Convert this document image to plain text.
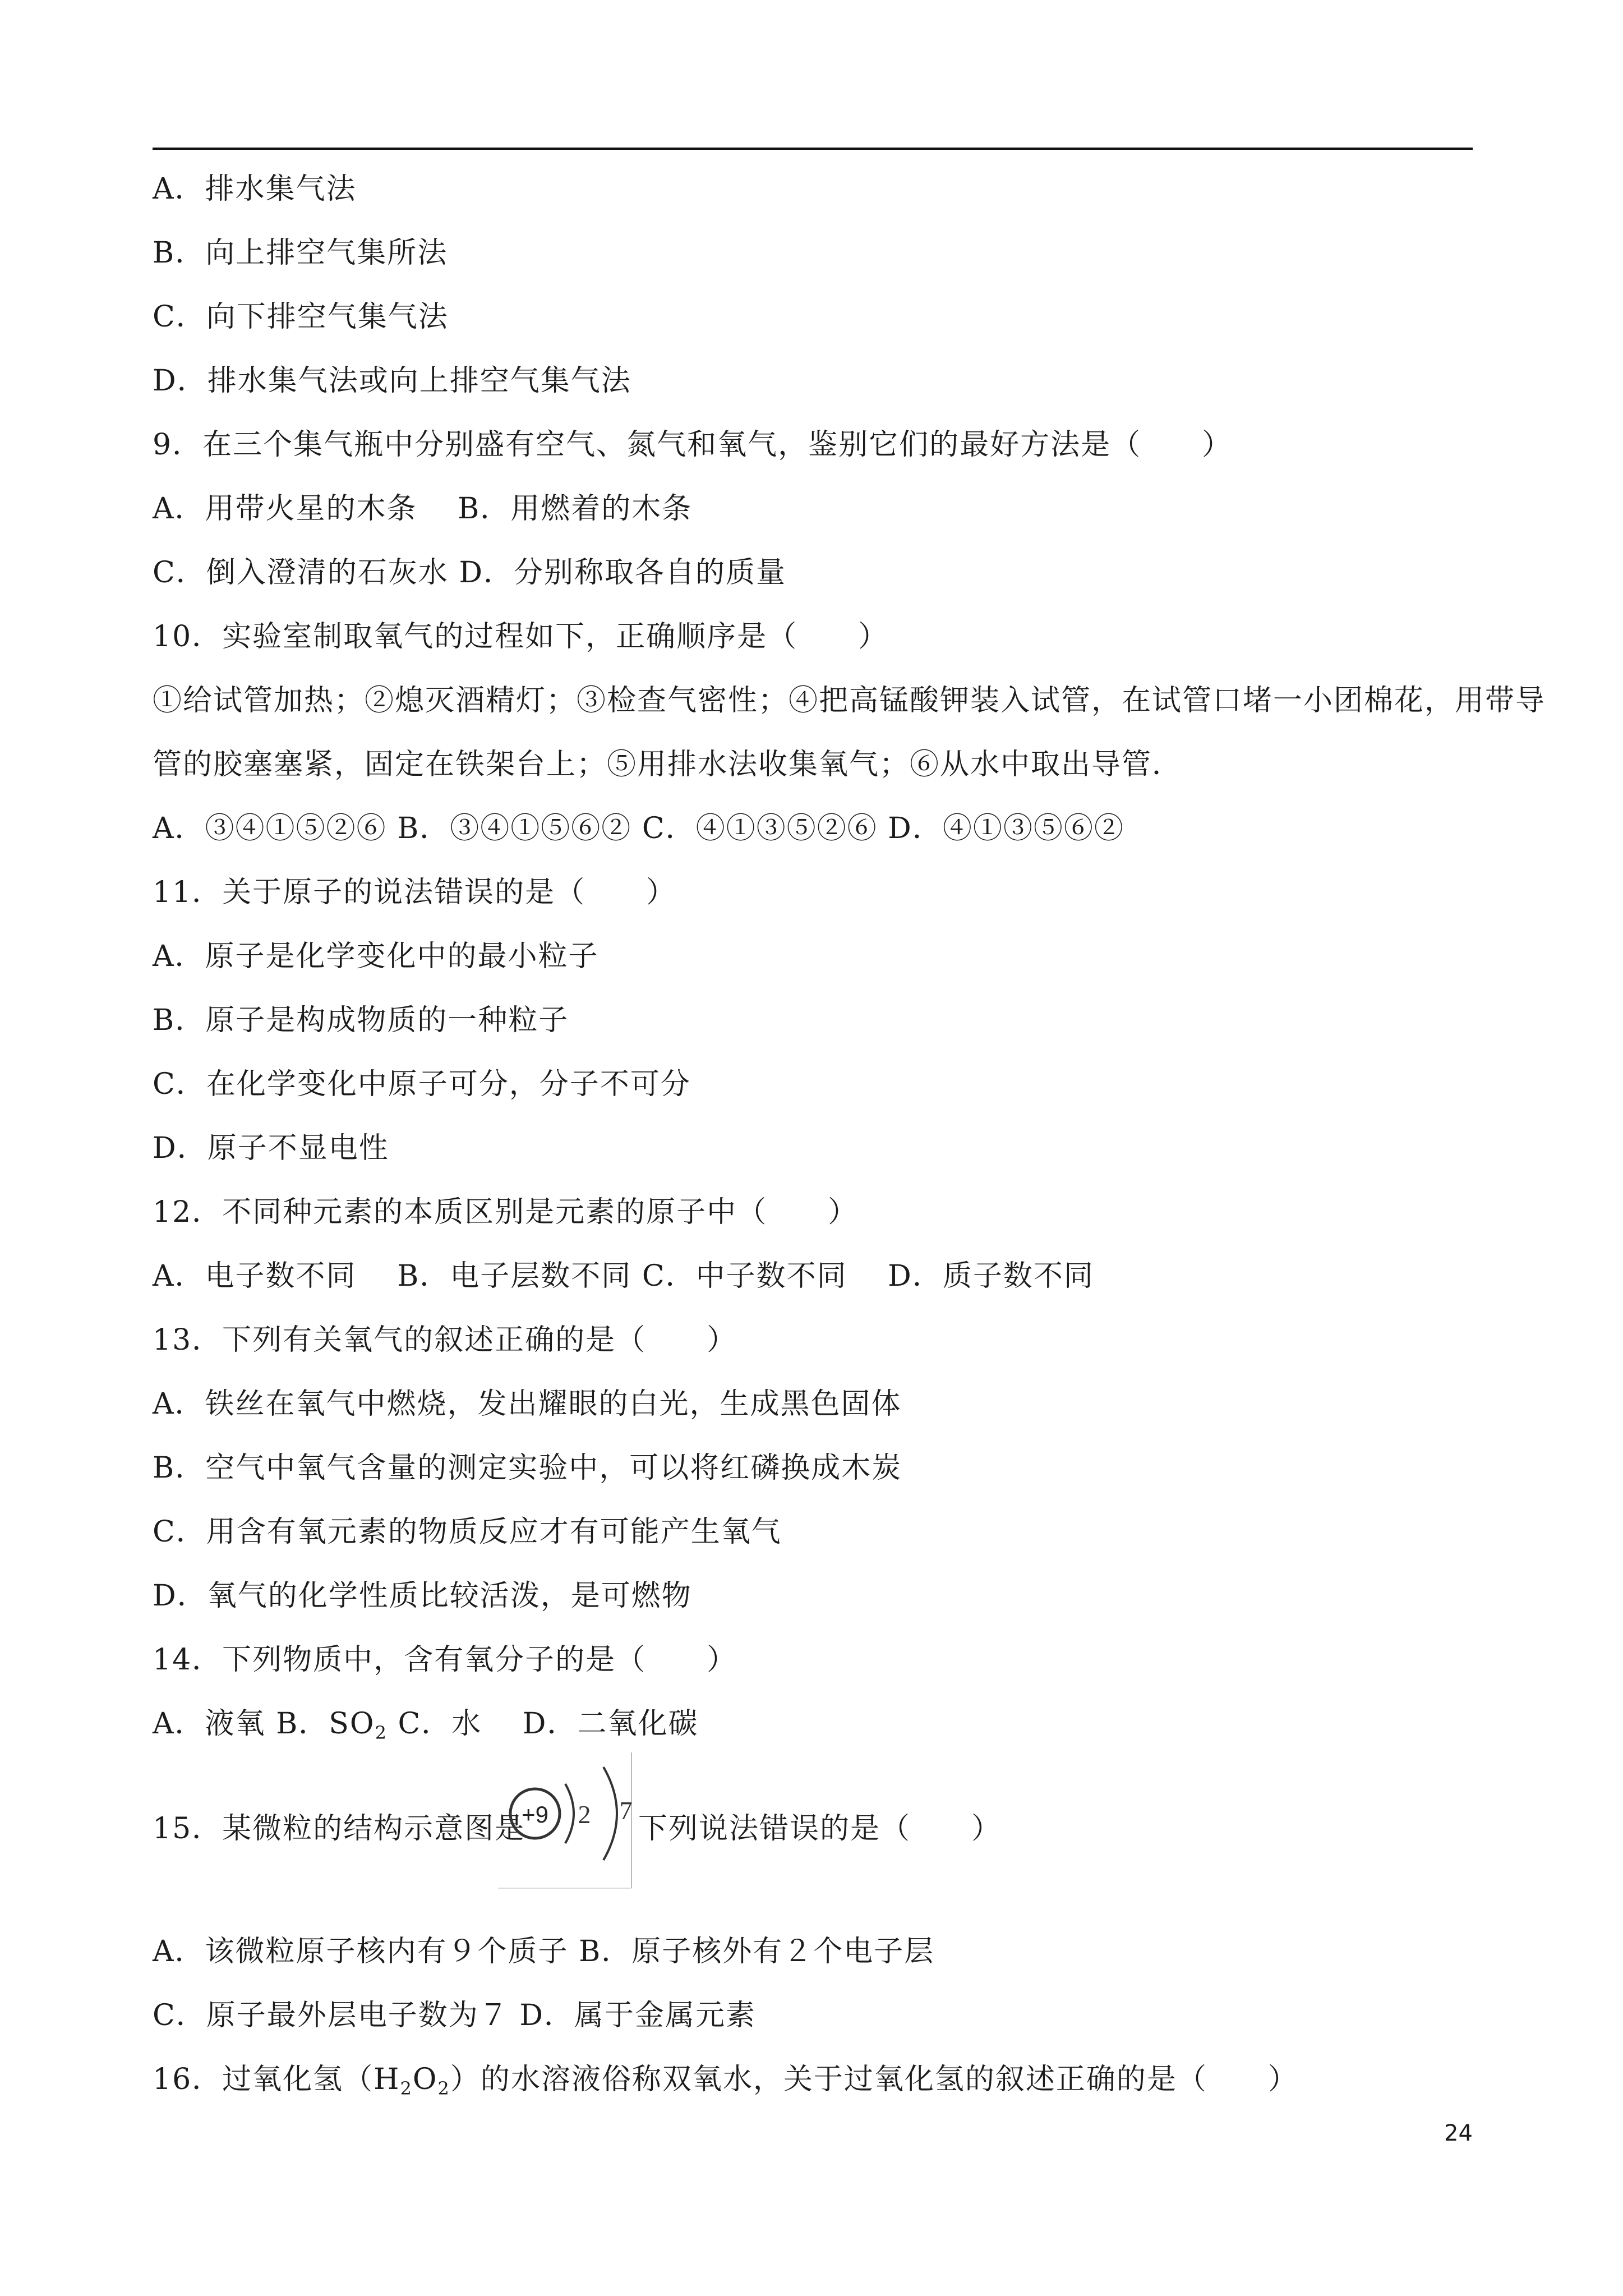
A．排水集气法
B．向上排空气集所法
C．向下排空气集气法
D．排水集气法或向上排空气集气法
9．在三个集气瓶中分别盛有空气、氮气和氧气，鉴别它们的最好方法是（　　）
A．用带火星的木条　 B．用燃着的木条
C．倒入澄清的石灰水 D．分别称取各自的质量
10．实验室制取氧气的过程如下，正确顺序是（　　）
①给试管加热；②熄灭酒精灯；③检查气密性；④把高锰酸钾装入试管，在试管口堵一小团棉花，用带导
管的胶塞塞紧，固定在铁架台上；⑤用排水法收集氧气；⑥从水中取出导管．
A．③④①⑤②⑥ B．③④①⑤⑥② C．④①③⑤②⑥ D．④①③⑤⑥②
11．关于原子的说法错误的是（　　）
A．原子是化学变化中的最小粒子
B．原子是构成物质的一种粒子
C．在化学变化中原子可分，分子不可分
D．原子不显电性
12．不同种元素的本质区别是元素的原子中（　　）
A．电子数不同　 B．电子层数不同 C．中子数不同　 D．质子数不同
13．下列有关氧气的叙述正确的是（　　）
A．铁丝在氧气中燃烧，发出耀眼的白光，生成黑色固体
B．空气中氧气含量的测定实验中，可以将红磷换成木炭
C．用含有氧元素的物质反应才有可能产生氧气
D．氧气的化学性质比较活泼，是可燃物
14．下列物质中，含有氧分子的是（　　）
A．液氧 B．$SO_2$ C．水　 D．二氧化碳
15．某微粒的结构示意图是
+9 2 7
下列说法错误的是（　　）
A．该微粒原子核内有９个质子 B．原子核外有２个电子层
C．原子最外层电子数为７ D．属于金属元素
16．过氧化氢$(H_2O_2)$的水溶液俗称双氧水，关于过氧化氢的叙述正确的是（　　）
24
